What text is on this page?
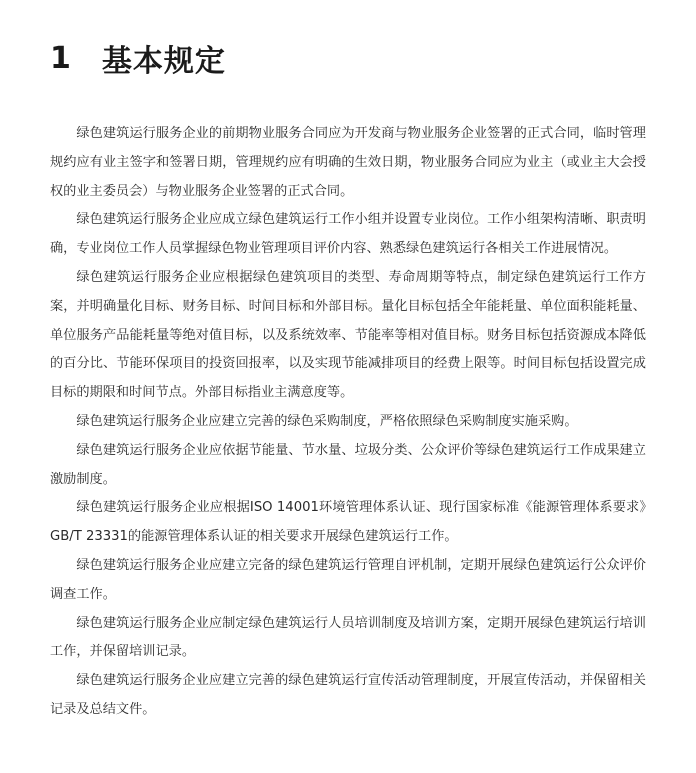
1 基本规定

绿色建筑运行服务企业的前期物业服务合同应为开发商与物业服务企业签署的正式合同，临时管理规约应有业主签字和签署日期，管理规约应有明确的生效日期，物业服务合同应为业主（或业主大会授权的业主委员会）与物业服务企业签署的正式合同。

绿色建筑运行服务企业应成立绿色建筑运行工作小组并设置专业岗位。工作小组架构清晰、职责明确，专业岗位工作人员掌握绿色物业管理项目评价内容、熟悉绿色建筑运行各相关工作进展情况。

绿色建筑运行服务企业应根据绿色建筑项目的类型、寿命周期等特点，制定绿色建筑运行工作方案，并明确量化目标、财务目标、时间目标和外部目标。量化目标包括全年能耗量、单位面积能耗量、单位服务产品能耗量等绝对值目标，以及系统效率、节能率等相对值目标。财务目标包括资源成本降低的百分比、节能环保项目的投资回报率，以及实现节能减排项目的经费上限等。时间目标包括设置完成目标的期限和时间节点。外部目标指业主满意度等。

绿色建筑运行服务企业应建立完善的绿色采购制度，严格依照绿色采购制度实施采购。

绿色建筑运行服务企业应依据节能量、节水量、垃圾分类、公众评价等绿色建筑运行工作成果建立激励制度。

绿色建筑运行服务企业应根据ISO 14001环境管理体系认证、现行国家标准《能源管理体系要求》GB/T 23331的能源管理体系认证的相关要求开展绿色建筑运行工作。

绿色建筑运行服务企业应建立完备的绿色建筑运行管理自评机制，定期开展绿色建筑运行公众评价调查工作。

绿色建筑运行服务企业应制定绿色建筑运行人员培训制度及培训方案，定期开展绿色建筑运行培训工作，并保留培训记录。

绿色建筑运行服务企业应建立完善的绿色建筑运行宣传活动管理制度，开展宣传活动，并保留相关记录及总结文件。
